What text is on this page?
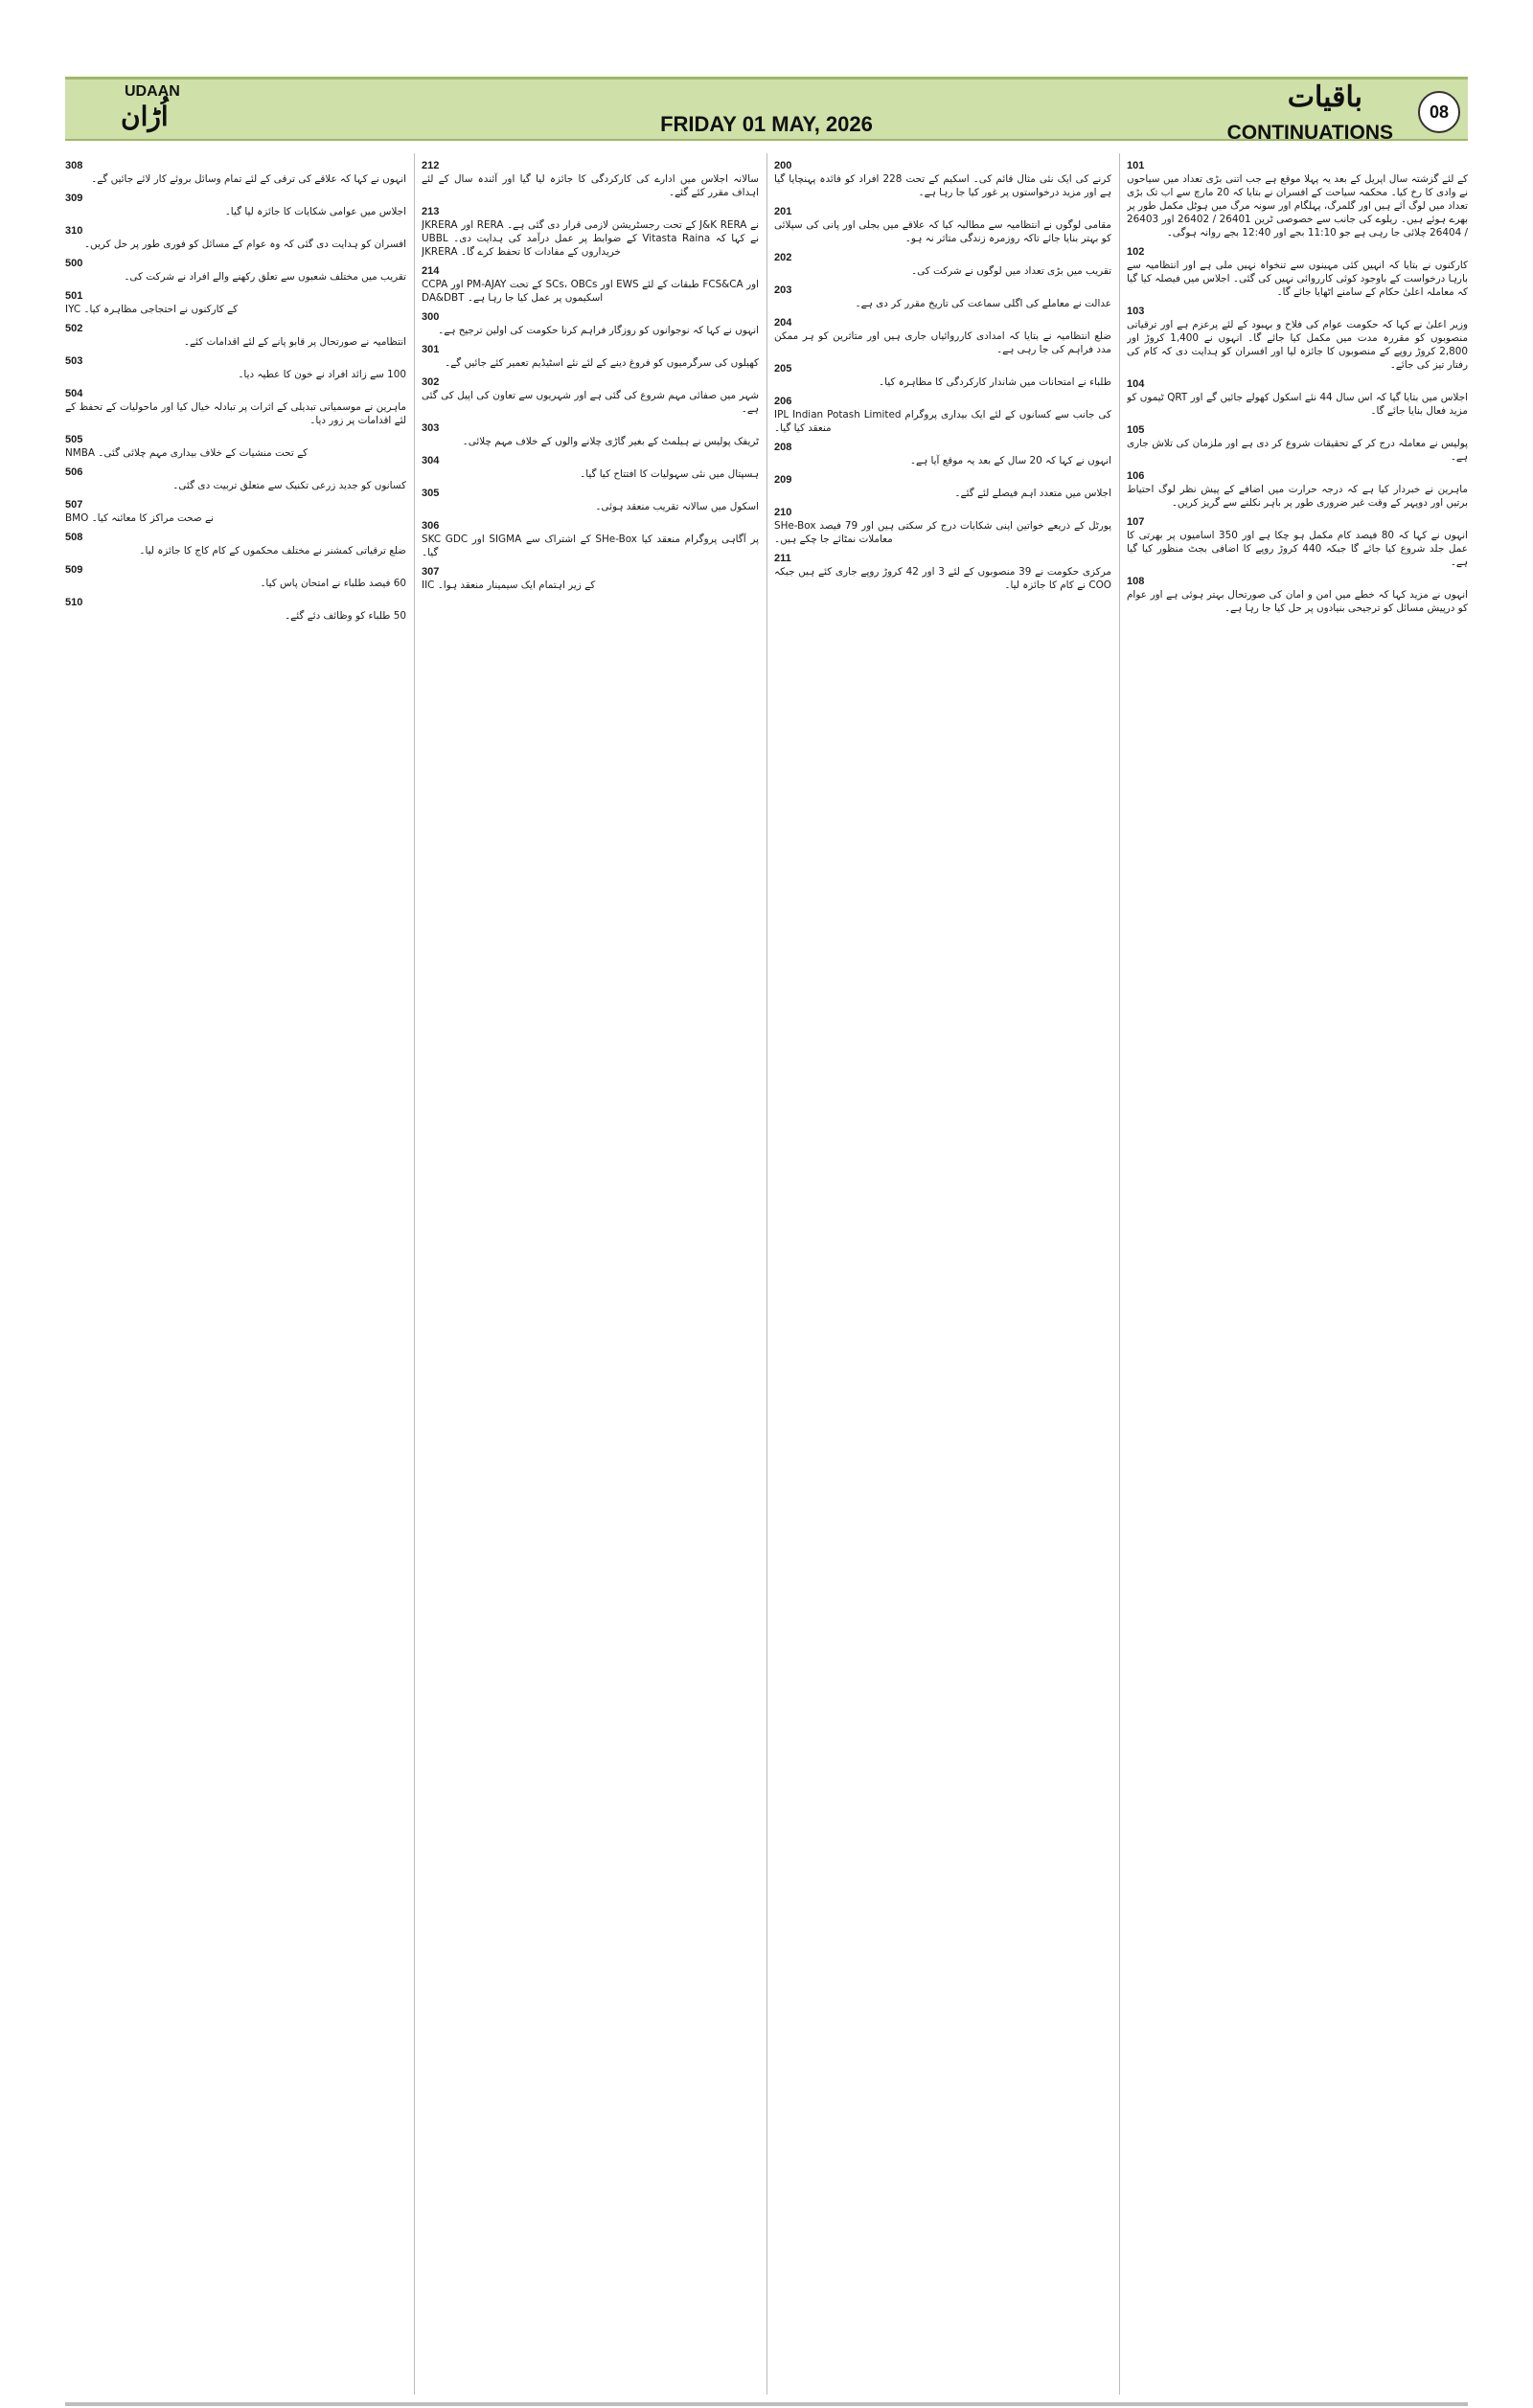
UDAAN
اُڑان	FRIDAY 01 MAY, 2026
باقیات
CONTINUATIONS
08
101
کے لئے گزشتہ سال اپریل کے بعد یہ پہلا موقع ہے جب اتنی بڑی تعداد میں سیاحوں نے وادی کا رخ کیا۔ محکمہ سیاحت کے افسران نے بتایا کہ 20 مارچ سے اب تک بڑی تعداد میں لوگ آئے ہیں اور گلمرگ، پہلگام اور سونہ مرگ میں ہوٹل مکمل طور پر بھرے ہوئے ہیں۔ ریلوے کی جانب سے خصوصی ٹرین 26401 / 26402 اور 26403 / 26404 چلائی جا رہی ہے جو 11:10 بجے اور 12:40 بجے روانہ ہوگی۔
102
کارکنوں نے بتایا کہ انہیں کئی مہینوں سے تنخواہ نہیں ملی ہے اور انتظامیہ سے بارہا درخواست کے باوجود کوئی کارروائی نہیں کی گئی۔ اجلاس میں فیصلہ کیا گیا کہ معاملہ اعلیٰ حکام کے سامنے اٹھایا جائے گا۔
103
وزیر اعلیٰ نے کہا کہ حکومت عوام کی فلاح و بہبود کے لئے پرعزم ہے اور ترقیاتی منصوبوں کو مقررہ مدت میں مکمل کیا جائے گا۔ انہوں نے 1,400 کروڑ اور 2,800 کروڑ روپے کے منصوبوں کا جائزہ لیا اور افسران کو ہدایت دی کہ کام کی رفتار تیز کی جائے۔
104
اجلاس میں بتایا گیا کہ اس سال 44 نئے اسکول کھولے جائیں گے اور QRT ٹیموں کو مزید فعال بنایا جائے گا۔
105
پولیس نے معاملہ درج کر کے تحقیقات شروع کر دی ہے اور ملزمان کی تلاش جاری ہے۔
106
ماہرین نے خبردار کیا ہے کہ درجہ حرارت میں اضافے کے پیش نظر لوگ احتیاط برتیں اور دوپہر کے وقت غیر ضروری طور پر باہر نکلنے سے گریز کریں۔
107
انہوں نے کہا کہ 80 فیصد کام مکمل ہو چکا ہے اور 350 اسامیوں پر بھرتی کا عمل جلد شروع کیا جائے گا جبکہ 440 کروڑ روپے کا اضافی بجٹ منظور کیا گیا ہے۔
108
انہوں نے مزید کہا کہ خطے میں امن و امان کی صورتحال بہتر ہوئی ہے اور عوام کو درپیش مسائل کو ترجیحی بنیادوں پر حل کیا جا رہا ہے۔
200
کرنے کی ایک نئی مثال قائم کی۔ اسکیم کے تحت 228 افراد کو فائدہ پہنچایا گیا ہے اور مزید درخواستوں پر غور کیا جا رہا ہے۔
201
مقامی لوگوں نے انتظامیہ سے مطالبہ کیا کہ علاقے میں بجلی اور پانی کی سپلائی کو بہتر بنایا جائے تاکہ روزمرہ زندگی متاثر نہ ہو۔
202
تقریب میں بڑی تعداد میں لوگوں نے شرکت کی۔
203
عدالت نے معاملے کی اگلی سماعت کی تاریخ مقرر کر دی ہے۔
204
ضلع انتظامیہ نے بتایا کہ امدادی کارروائیاں جاری ہیں اور متاثرین کو ہر ممکن مدد فراہم کی جا رہی ہے۔
205
طلباء نے امتحانات میں شاندار کارکردگی کا مظاہرہ کیا۔
206
IPL Indian Potash Limited کی جانب سے کسانوں کے لئے ایک بیداری پروگرام منعقد کیا گیا۔
208
انہوں نے کہا کہ 20 سال کے بعد یہ موقع آیا ہے۔
209
اجلاس میں متعدد اہم فیصلے لئے گئے۔
210
SHe-Box پورٹل کے ذریعے خواتین اپنی شکایات درج کر سکتی ہیں اور 79 فیصد معاملات نمٹائے جا چکے ہیں۔
211
مرکزی حکومت نے 39 منصوبوں کے لئے 3 اور 42 کروڑ روپے جاری کئے ہیں جبکہ COO نے کام کا جائزہ لیا۔
212
سالانہ اجلاس میں ادارے کی کارکردگی کا جائزہ لیا گیا اور آئندہ سال کے لئے اہداف مقرر کئے گئے۔
213
JKRERA اور RERA کے تحت رجسٹریشن لازمی قرار دی گئی ہے۔ J&K RERA نے UBBL کے ضوابط پر عمل درآمد کی ہدایت دی۔ Vitasta Raina نے کہا کہ JKRERA خریداروں کے مفادات کا تحفظ کرے گا۔
214
CCPA اور PM-AJAY کے تحت SCs، OBCs اور EWS طبقات کے لئے FCS&CA اور DA&DBT اسکیموں پر عمل کیا جا رہا ہے۔
300
انہوں نے کہا کہ نوجوانوں کو روزگار فراہم کرنا حکومت کی اولین ترجیح ہے۔
301
کھیلوں کی سرگرمیوں کو فروغ دینے کے لئے نئے اسٹیڈیم تعمیر کئے جائیں گے۔
302
شہر میں صفائی مہم شروع کی گئی ہے اور شہریوں سے تعاون کی اپیل کی گئی ہے۔
303
ٹریفک پولیس نے ہیلمٹ کے بغیر گاڑی چلانے والوں کے خلاف مہم چلائی۔
304
ہسپتال میں نئی سہولیات کا افتتاح کیا گیا۔
305
اسکول میں سالانہ تقریب منعقد ہوئی۔
306
SKC GDC اور SIGMA کے اشتراک سے SHe-Box پر آگاہی پروگرام منعقد کیا گیا۔
307
IIC کے زیر اہتمام ایک سیمینار منعقد ہوا۔
308
انہوں نے کہا کہ علاقے کی ترقی کے لئے تمام وسائل بروئے کار لائے جائیں گے۔
309
اجلاس میں عوامی شکایات کا جائزہ لیا گیا۔
310
افسران کو ہدایت دی گئی کہ وہ عوام کے مسائل کو فوری طور پر حل کریں۔
500
تقریب میں مختلف شعبوں سے تعلق رکھنے والے افراد نے شرکت کی۔
501
IYC کے کارکنوں نے احتجاجی مظاہرہ کیا۔
502
انتظامیہ نے صورتحال پر قابو پانے کے لئے اقدامات کئے۔
503
100 سے زائد افراد نے خون کا عطیہ دیا۔
504
ماہرین نے موسمیاتی تبدیلی کے اثرات پر تبادلہ خیال کیا اور ماحولیات کے تحفظ کے لئے اقدامات پر زور دیا۔
505
NMBA کے تحت منشیات کے خلاف بیداری مہم چلائی گئی۔
506
کسانوں کو جدید زرعی تکنیک سے متعلق تربیت دی گئی۔
507
BMO نے صحت مراکز کا معائنہ کیا۔
508
ضلع ترقیاتی کمشنر نے مختلف محکموں کے کام کاج کا جائزہ لیا۔
509
60 فیصد طلباء نے امتحان پاس کیا۔
510
50 طلباء کو وظائف دئے گئے۔
